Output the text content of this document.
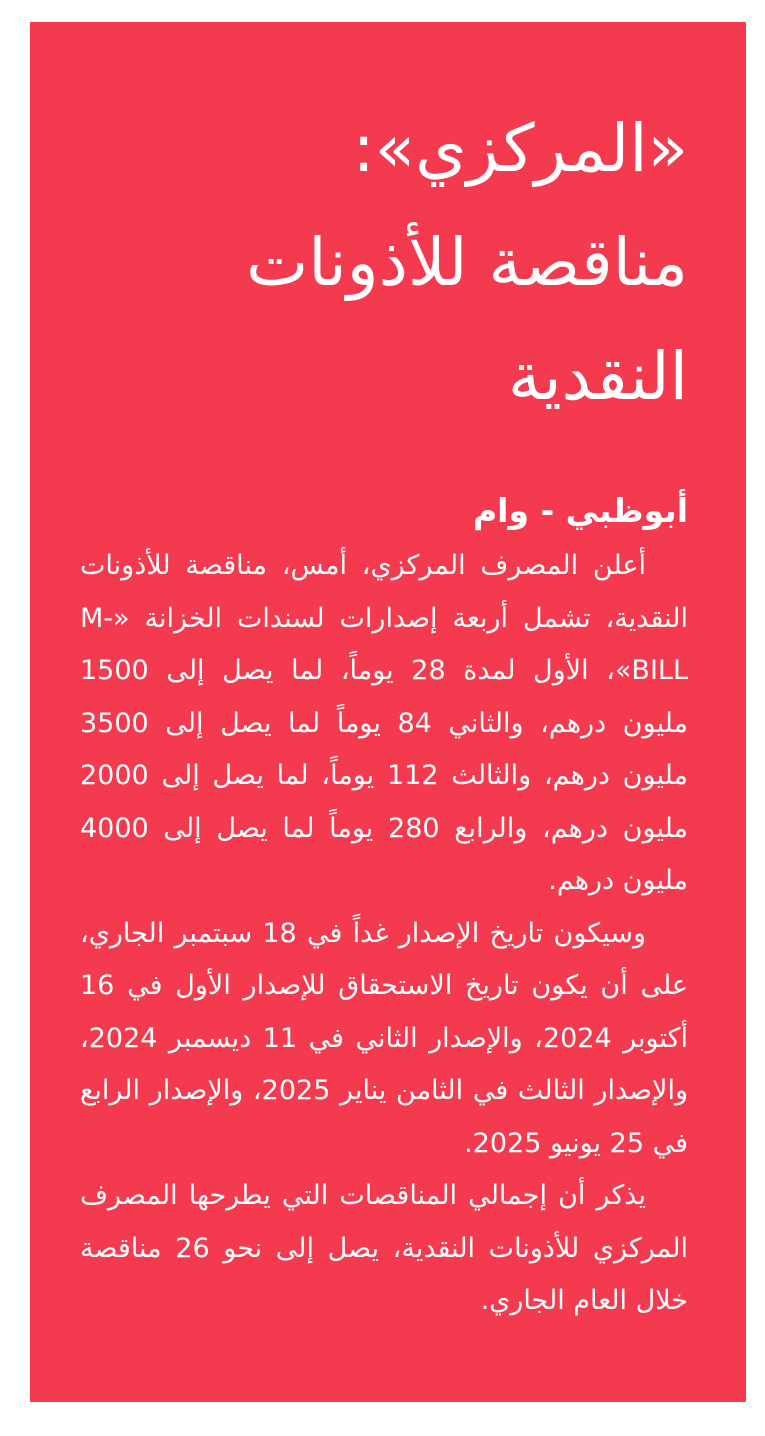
«المركزي»:
مناقصة للأذونات
النقدية
أبوظبي - وام

أعلن المصرف المركزي، أمس، مناقصة للأذونات النقدية، تشمل أربعة إصدارات لسندات الخزانة «M-BILL»، الأول لمدة 28 يوماً، لما يصل إلى 1500 مليون درهم، والثاني 84 يوماً لما يصل إلى 3500 مليون درهم، والثالث 112 يوماً، لما يصل إلى 2000 مليون درهم، والرابع 280 يوماً لما يصل إلى 4000 مليون درهم.

وسيكون تاريخ الإصدار غداً في 18 سبتمبر الجاري، على أن يكون تاريخ الاستحقاق للإصدار الأول في 16 أكتوبر 2024، والإصدار الثاني في 11 ديسمبر 2024، والإصدار الثالث في الثامن يناير 2025، والإصدار الرابع في 25 يونيو 2025.

يذكر أن إجمالي المناقصات التي يطرحها المصرف المركزي للأذونات النقدية، يصل إلى نحو 26 مناقصة خلال العام الجاري.
